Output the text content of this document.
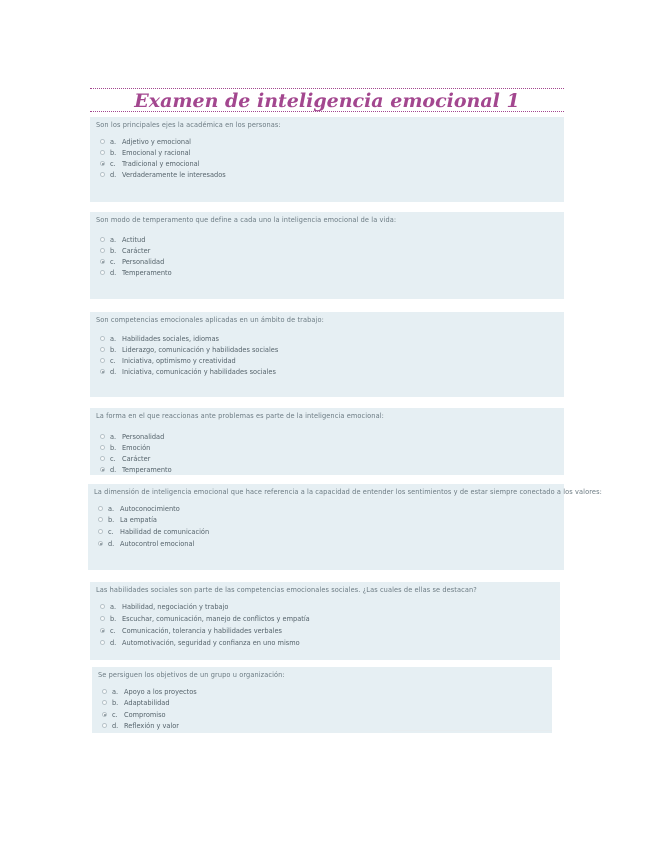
Examen de inteligencia emocional 1
Son los principales ejes la académica en los personas:
a. Adjetivo y emocional
b. Emocional y racional
c. Tradicional y emocional
d. Verdaderamente le interesados
Son modo de temperamento que define a cada uno la inteligencia emocional de la vida:
a. Actitud
b. Carácter
c. Personalidad
d. Temperamento
Son competencias emocionales aplicadas en un ámbito de trabajo:
a. Habilidades sociales, idiomas
b. Liderazgo, comunicación y habilidades sociales
c. Iniciativa, optimismo y creatividad
d. Iniciativa, comunicación y habilidades sociales
La forma en el que reaccionas ante problemas es parte de la inteligencia emocional:
a. Personalidad
b. Emoción
c. Carácter
d. Temperamento
La dimensión de inteligencia emocional que hace referencia a la capacidad de entender los sentimientos y de estar siempre conectado a los valores:
a. Autoconocimiento
b. La empatía
c. Habilidad de comunicación
d. Autocontrol emocional
Las habilidades sociales son parte de las competencias emocionales sociales. ¿Las cuales de ellas se destacan?
a. Habilidad, negociación y trabajo
b. Escuchar, comunicación, manejo de conflictos y empatía
c. Comunicación, tolerancia y habilidades verbales
d. Automotivación, seguridad y confianza en uno mismo
Se persiguen los objetivos de un grupo u organización:
a. Apoyo a los proyectos
b. Adaptabilidad
c. Compromiso
d. Reflexión y valor
